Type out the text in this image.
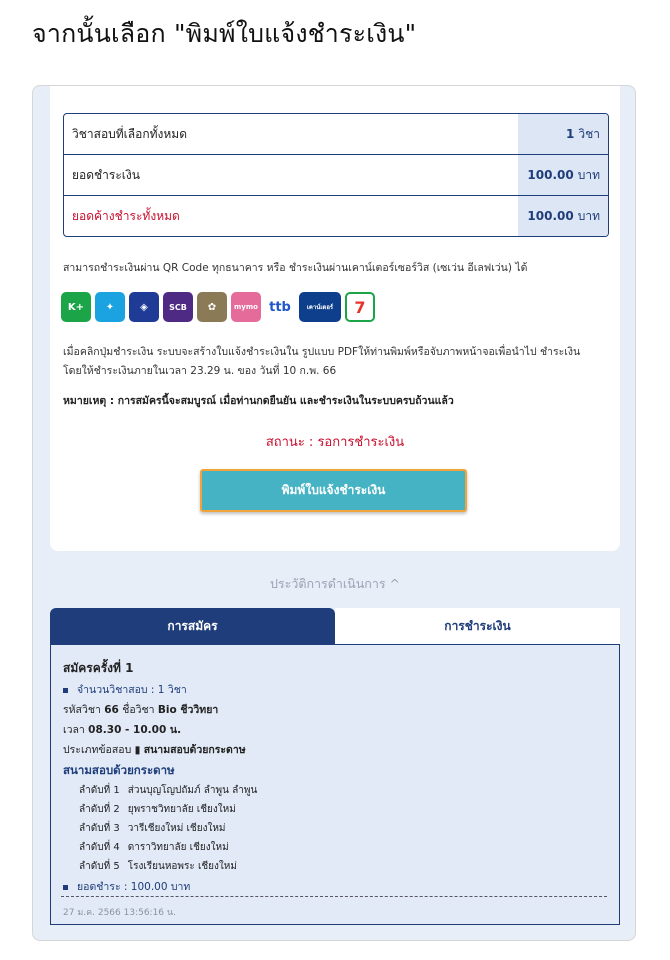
จากนั้นเลือก "พิมพ์ใบแจ้งชำระเงิน"
วิชาสอบที่เลือกทั้งหมด	1 วิชา
ยอดชำระเงิน	100.00 บาท
ยอดค้างชำระทั้งหมด	100.00 บาท
สามารถชำระเงินผ่าน QR Code ทุกธนาคาร หรือ ชำระเงินผ่านเคาน์เตอร์เซอร์วิส (เซเว่น อีเลฟเว่น) ได้
K+	✦	◈	SCB	✿	mymo ttb	เคาน์เตอร์	7
เมื่อคลิกปุ่มชำระเงิน ระบบจะสร้างใบแจ้งชำระเงินใน รูปแบบ PDFให้ท่านพิมพ์หรือจับภาพหน้าจอเพื่อนำไป ชำระเงิน
โดยให้ชำระเงินภายในเวลา 23.29 น. ของ วันที่ 10 ก.พ. 66
หมายเหตุ : การสมัครนี้จะสมบูรณ์ เมื่อท่านกดยืนยัน และชำระเงินในระบบครบถ้วนแล้ว
สถานะ : รอการชำระเงิน
พิมพ์ใบแจ้งชำระเงิน
ประวัติการดำเนินการ ^
การสมัคร	การชำระเงิน
สมัครครั้งที่ 1
จำนวนวิชาสอบ : 1 วิชา
รหัสวิชา 66 ชื่อวิชา Bio ชีววิทยา
เวลา 08.30 - 10.00 น.
ประเภทข้อสอบ ▮ สนามสอบด้วยกระดาษ
สนามสอบด้วยกระดาษ
ลำดับที่ 1 ส่วนบุญโญปถัมภ์ ลำพูน ลำพูน
ลำดับที่ 2 ยุพราชวิทยาลัย เชียงใหม่
ลำดับที่ 3 วารีเชียงใหม่ เชียงใหม่
ลำดับที่ 4 ดาราวิทยาลัย เชียงใหม่
ลำดับที่ 5 โรงเรียนหอพระ เชียงใหม่
ยอดชำระ : 100.00 บาท
27 ม.ค. 2566 13:56:16 น.
